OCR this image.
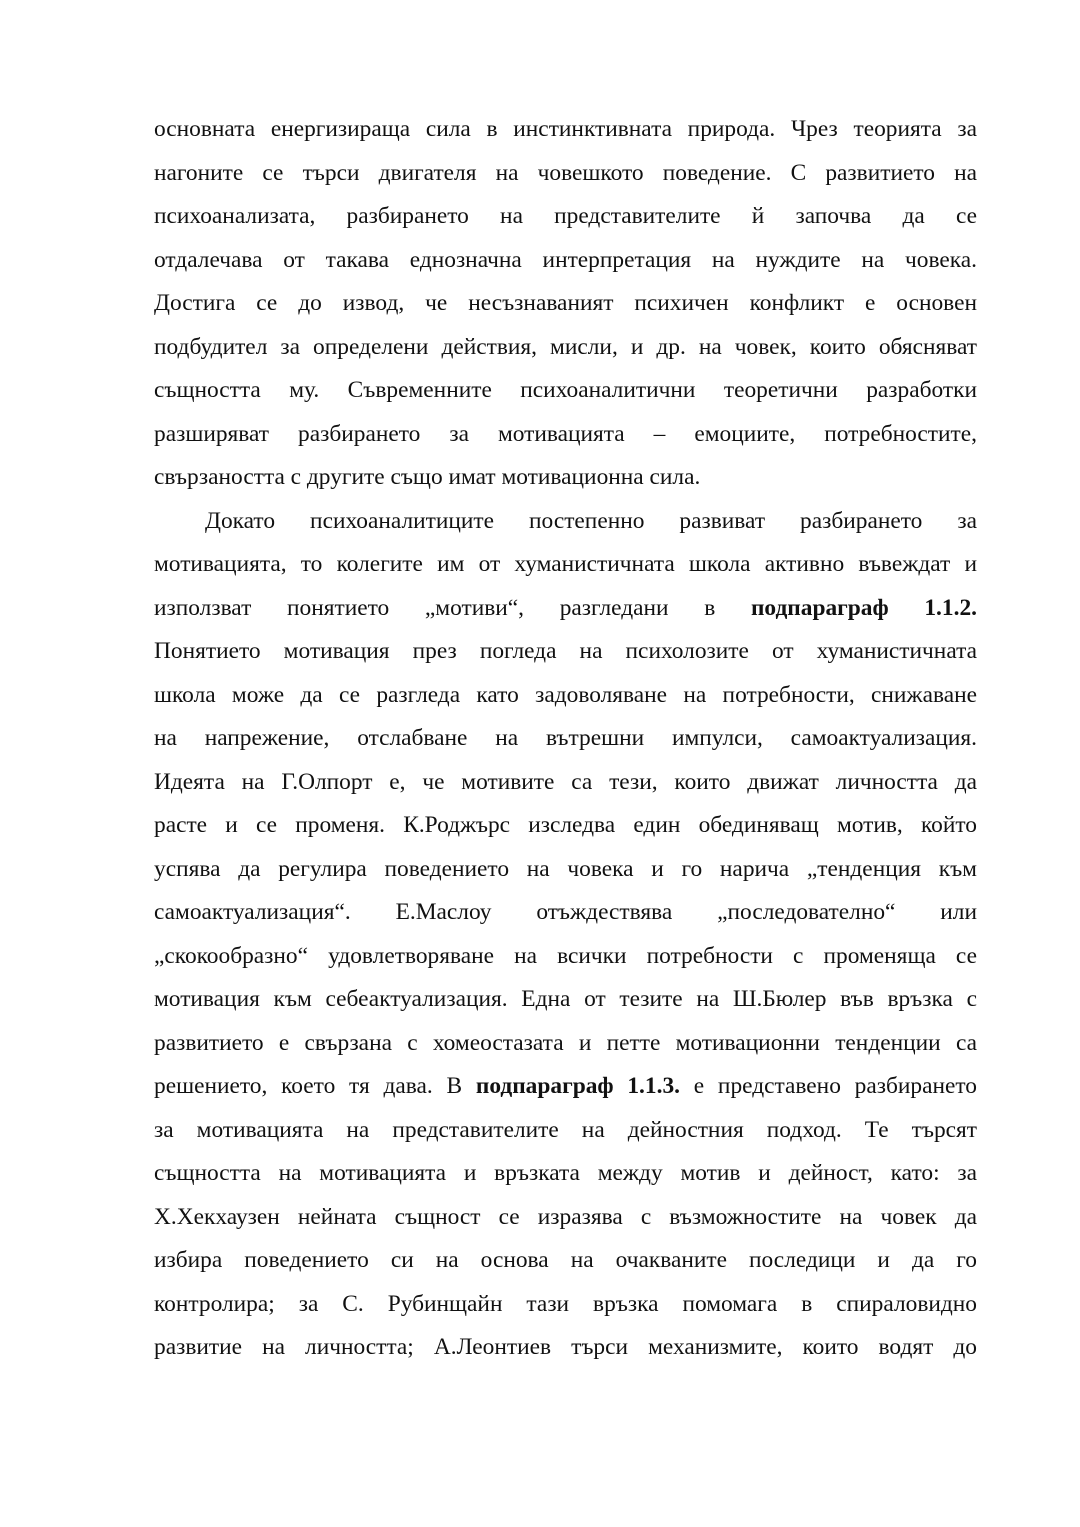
основната енергизираща сила в инстинктивната природа. Чрез теорията за
нагоните се търси двигателя на човешкото поведение. С развитието на
психоанализата, разбирането на представителите й започва да се
отдалечава от такава еднозначна интерпретация на нуждите на човека.
Достига се до извод, че несъзнаваният психичен конфликт е основен
подбудител за определени действия, мисли, и др. на човек, които обясняват
същността му. Съвременните психоаналитични теоретични разработки
разширяват разбирането за мотивацията – емоциите, потребностите,
свързаността с другите също имат мотивационна сила.
Докато психоаналитиците постепенно развиват разбирането за
мотивацията, то колегите им от хуманистичната школа активно въвеждат и
използват понятието „мотиви“, разгледани в подпараграф 1.1.2.
Понятието мотивация през погледа на психолозите от хуманистичната
школа може да се разгледа като задоволяване на потребности, снижаване
на напрежение, отслабване на вътрешни импулси, самоактуализация.
Идеята на Г.Олпорт е, че мотивите са тези, които движат личността да
расте и се променя. К.Роджърс изследва един обединяващ мотив, който
успява да регулира поведението на човека и го нарича „тенденция към
самоактуализация“. Е.Маслоу отъждествява „последователно“ или
„скокообразно“ удовлетворяване на всички потребности с променяща се
мотивация към себеактуализация. Една от тезите на Ш.Бюлер във връзка с
развитието е свързана с хомеостазата и петте мотивационни тенденции са
решението, което тя дава. В подпараграф 1.1.3. е представено разбирането
за мотивацията на представителите на дейностния подход. Те търсят
същността на мотивацията и връзката между мотив и дейност, като: за
Х.Хекхаузен нейната същност се изразява с възможностите на човек да
избира поведението си на основа на очакваните последици и да го
контролира; за С. Рубинщайн тази връзка помомага в спираловидно
развитие на личността; А.Леонтиев търси механизмите, които водят до
